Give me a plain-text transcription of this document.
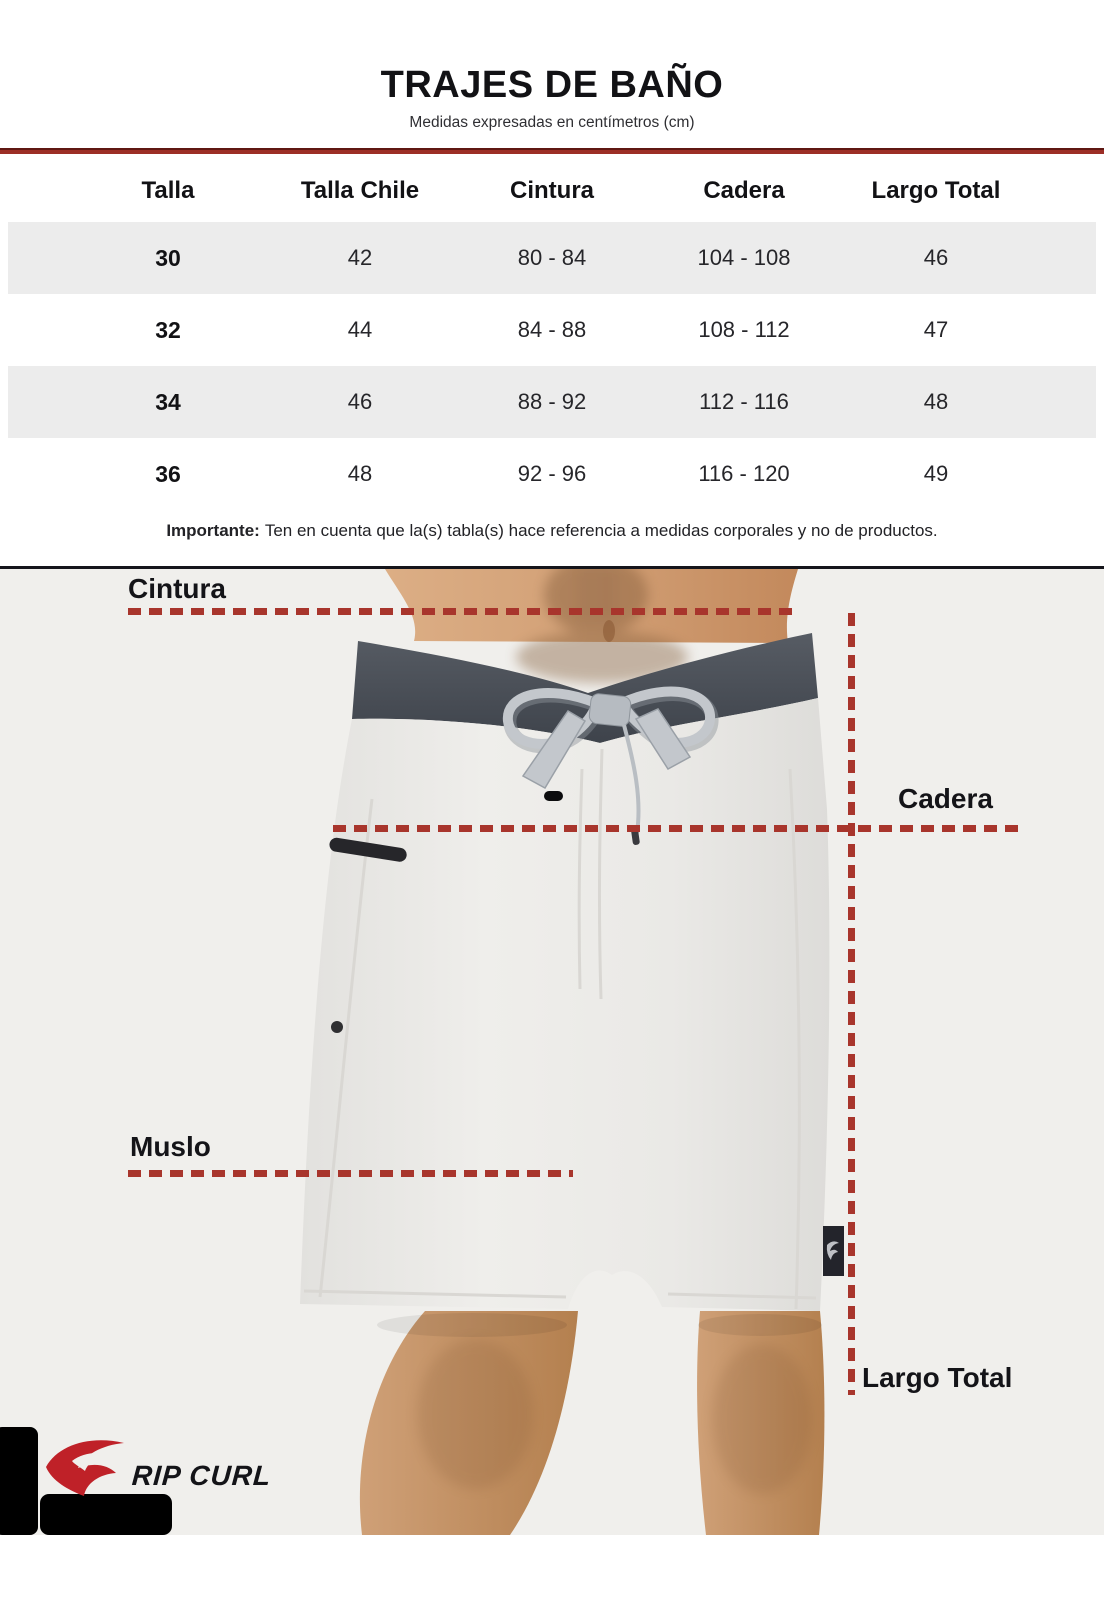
TRAJES DE BAÑO
Medidas expresadas en centímetros (cm)
Talla	Talla Chile	Cintura	Cadera	Largo Total
30	42	80 - 84	104 - 108	46
32	44	84 - 88	108 - 112	47
34	46	88 - 92	112 - 116	48
36	48	92 - 96	116 - 120	49
Importante: Ten en cuenta que la(s) tabla(s) hace referencia a medidas corporales y no de productos.
Cintura
Cadera
Muslo
Largo Total
RIP CURL
